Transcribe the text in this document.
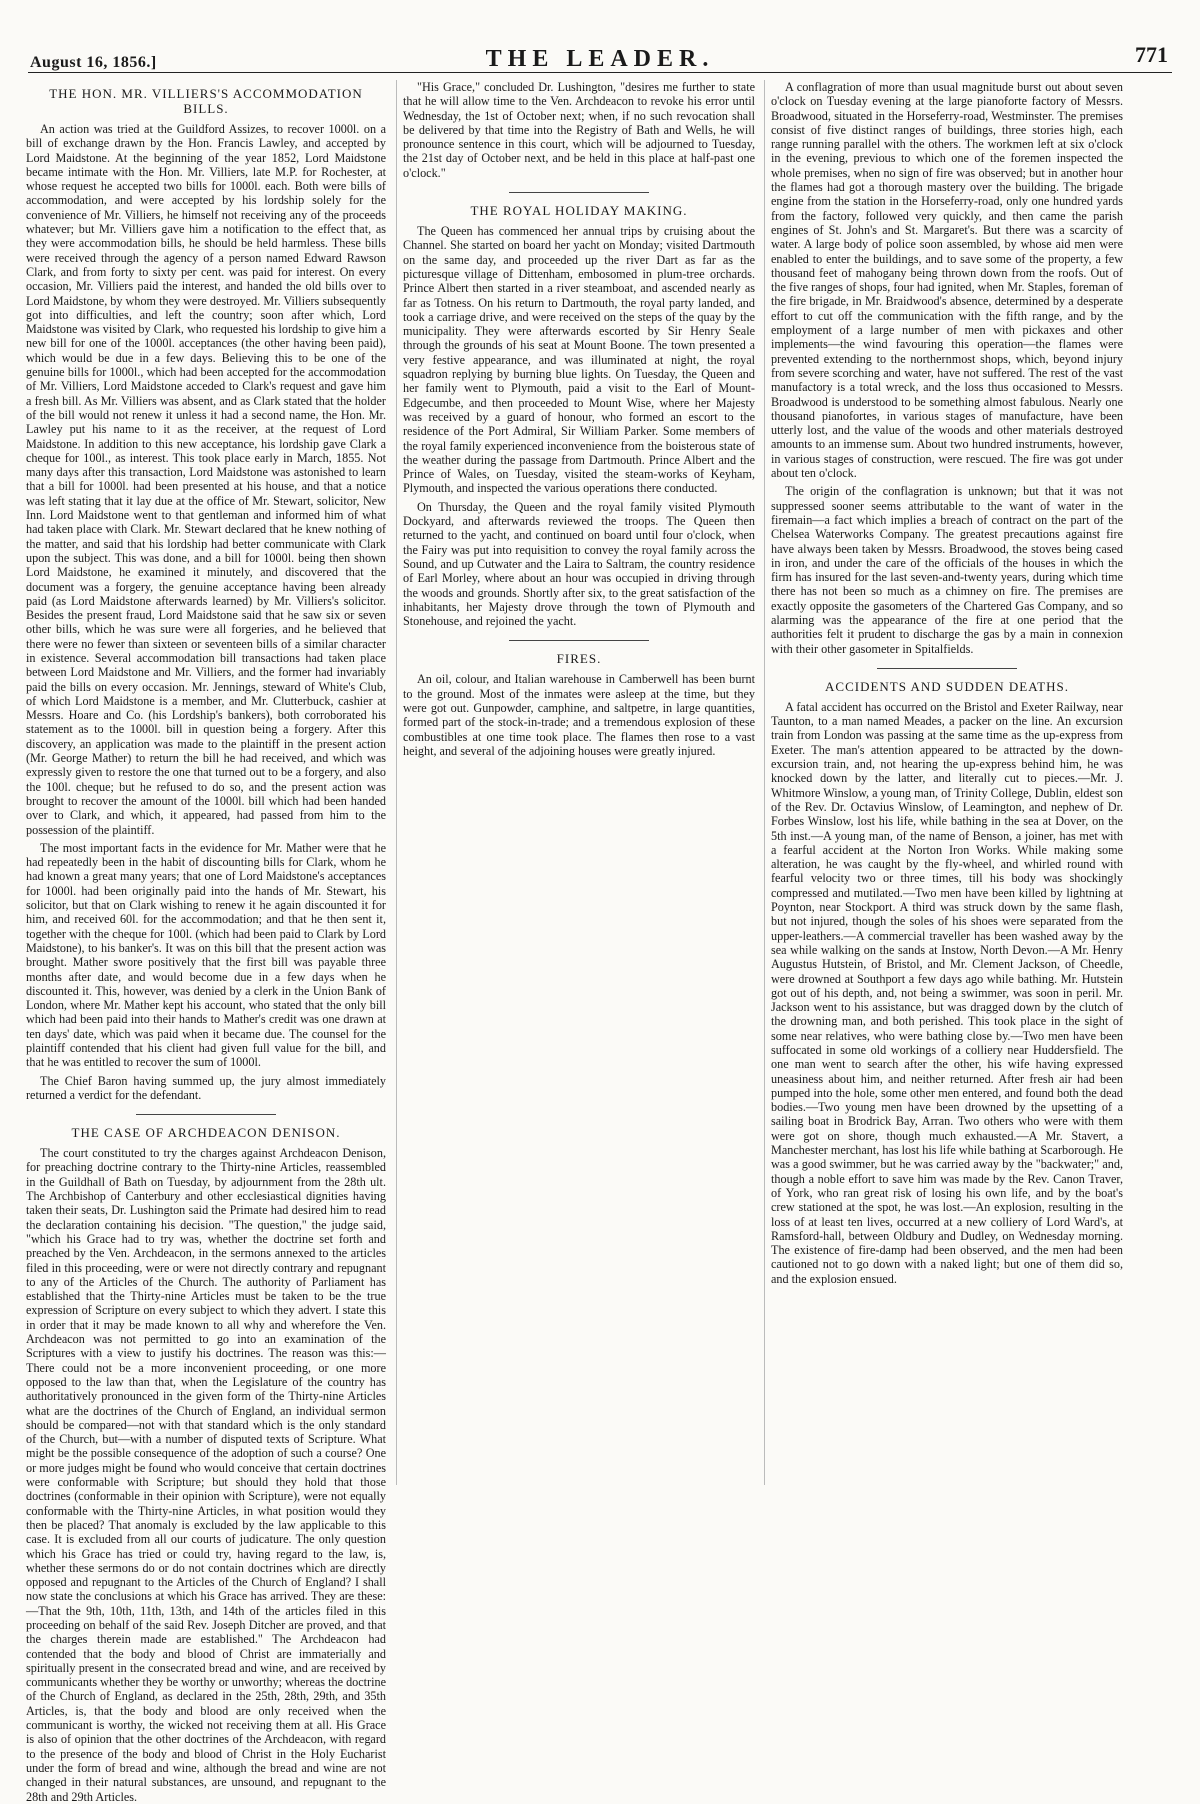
August 16, 1856.]	THE LEADER.	771
THE HON. MR. VILLIERS'S ACCOMMODATION BILLS.

An action was tried at the Guildford Assizes, to recover 1000l. on a bill of exchange drawn by the Hon. Francis Lawley, and accepted by Lord Maidstone. At the beginning of the year 1852, Lord Maidstone became intimate with the Hon. Mr. Villiers, late M.P. for Rochester, at whose request he accepted two bills for 1000l. each. Both were bills of accommodation, and were accepted by his lordship solely for the convenience of Mr. Villiers, he himself not receiving any of the proceeds whatever; but Mr. Villiers gave him a notification to the effect that, as they were accommodation bills, he should be held harmless. These bills were received through the agency of a person named Edward Rawson Clark, and from forty to sixty per cent. was paid for interest. On every occasion, Mr. Villiers paid the interest, and handed the old bills over to Lord Maidstone, by whom they were destroyed. Mr. Villiers subsequently got into difficulties, and left the country; soon after which, Lord Maidstone was visited by Clark, who requested his lordship to give him a new bill for one of the 1000l. acceptances (the other having been paid), which would be due in a few days. Believing this to be one of the genuine bills for 1000l., which had been accepted for the accommodation of Mr. Villiers, Lord Maidstone acceded to Clark's request and gave him a fresh bill. As Mr. Villiers was absent, and as Clark stated that the holder of the bill would not renew it unless it had a second name, the Hon. Mr. Lawley put his name to it as the receiver, at the request of Lord Maidstone. In addition to this new acceptance, his lordship gave Clark a cheque for 100l., as interest. This took place early in March, 1855. Not many days after this transaction, Lord Maidstone was astonished to learn that a bill for 1000l. had been presented at his house, and that a notice was left stating that it lay due at the office of Mr. Stewart, solicitor, New Inn. Lord Maidstone went to that gentleman and informed him of what had taken place with Clark. Mr. Stewart declared that he knew nothing of the matter, and said that his lordship had better communicate with Clark upon the subject. This was done, and a bill for 1000l. being then shown Lord Maidstone, he examined it minutely, and discovered that the document was a forgery, the genuine acceptance having been already paid (as Lord Maidstone afterwards learned) by Mr. Villiers's solicitor. Besides the present fraud, Lord Maidstone said that he saw six or seven other bills, which he was sure were all forgeries, and he believed that there were no fewer than sixteen or seventeen bills of a similar character in existence. Several accommodation bill transactions had taken place between Lord Maidstone and Mr. Villiers, and the former had invariably paid the bills on every occasion. Mr. Jennings, steward of White's Club, of which Lord Maidstone is a member, and Mr. Clutterbuck, cashier at Messrs. Hoare and Co. (his Lordship's bankers), both corroborated his statement as to the 1000l. bill in question being a forgery. After this discovery, an application was made to the plaintiff in the present action (Mr. George Mather) to return the bill he had received, and which was expressly given to restore the one that turned out to be a forgery, and also the 100l. cheque; but he refused to do so, and the present action was brought to recover the amount of the 1000l. bill which had been handed over to Clark, and which, it appeared, had passed from him to the possession of the plaintiff.

The most important facts in the evidence for Mr. Mather were that he had repeatedly been in the habit of discounting bills for Clark, whom he had known a great many years; that one of Lord Maidstone's acceptances for 1000l. had been originally paid into the hands of Mr. Stewart, his solicitor, but that on Clark wishing to renew it he again discounted it for him, and received 60l. for the accommodation; and that he then sent it, together with the cheque for 100l. (which had been paid to Clark by Lord Maidstone), to his banker's. It was on this bill that the present action was brought. Mather swore positively that the first bill was payable three months after date, and would become due in a few days when he discounted it. This, however, was denied by a clerk in the Union Bank of London, where Mr. Mather kept his account, who stated that the only bill which had been paid into their hands to Mather's credit was one drawn at ten days' date, which was paid when it became due. The counsel for the plaintiff contended that his client had given full value for the bill, and that he was entitled to recover the sum of 1000l.

The Chief Baron having summed up, the jury almost immediately returned a verdict for the defendant.

THE CASE OF ARCHDEACON DENISON.

The court constituted to try the charges against Archdeacon Denison, for preaching doctrine contrary to the Thirty-nine Articles, reassembled in the Guildhall of Bath on Tuesday, by adjournment from the 28th ult. The Archbishop of Canterbury and other ecclesiastical dignities having taken their seats, Dr. Lushington said the Primate had desired him to read the declaration containing his decision. "The question," the judge said, "which his Grace had to try was, whether the doctrine set forth and preached by the Ven. Archdeacon, in the sermons annexed to the articles filed in this proceeding, were or were not directly contrary and repugnant to any of the Articles of the Church. The authority of Parliament has established that the Thirty-nine Articles must be taken to be the true expression of Scripture on every subject to which they advert. I state this in order that it may be made known to all why and wherefore the Ven. Archdeacon was not permitted to go into an examination of the Scriptures with a view to justify his doctrines. The reason was this:—There could not be a more inconvenient proceeding, or one more opposed to the law than that, when the Legislature of the country has authoritatively pronounced in the given form of the Thirty-nine Articles what are the doctrines of the Church of England, an individual sermon should be compared—not with that standard which is the only standard of the Church, but—with a number of disputed texts of Scripture. What might be the possible consequence of the adoption of such a course? One or more judges might be found who would conceive that certain doctrines were conformable with Scripture; but should they hold that those doctrines (conformable in their opinion with Scripture), were not equally conformable with the Thirty-nine Articles, in what position would they then be placed? That anomaly is excluded by the law applicable to this case. It is excluded from all our courts of judicature. The only question which his Grace has tried or could try, having regard to the law, is, whether these sermons do or do not contain doctrines which are directly opposed and repugnant to the Articles of the Church of England? I shall now state the conclusions at which his Grace has arrived. They are these:—That the 9th, 10th, 11th, 13th, and 14th of the articles filed in this proceeding on behalf of the said Rev. Joseph Ditcher are proved, and that the charges therein made are established." The Archdeacon had contended that the body and blood of Christ are immaterially and spiritually present in the consecrated bread and wine, and are received by communicants whether they be worthy or unworthy; whereas the doctrine of the Church of England, as declared in the 25th, 28th, 29th, and 35th Articles, is, that the body and blood are only received when the communicant is worthy, the wicked not receiving them at all. His Grace is also of opinion that the other doctrines of the Archdeacon, with regard to the presence of the body and blood of Christ in the Holy Eucharist under the form of bread and wine, although the bread and wine are not changed in their natural substances, are unsound, and repugnant to the 28th and 29th Articles.

"His Grace," concluded Dr. Lushington, "desires me further to state that he will allow time to the Ven. Archdeacon to revoke his error until Wednesday, the 1st of October next; when, if no such revocation shall be delivered by that time into the Registry of Bath and Wells, he will pronounce sentence in this court, which will be adjourned to Tuesday, the 21st day of October next, and be held in this place at half-past one o'clock."

THE ROYAL HOLIDAY MAKING.

The Queen has commenced her annual trips by cruising about the Channel. She started on board her yacht on Monday; visited Dartmouth on the same day, and proceeded up the river Dart as far as the picturesque village of Dittenham, embosomed in plum-tree orchards. Prince Albert then started in a river steamboat, and ascended nearly as far as Totness. On his return to Dartmouth, the royal party landed, and took a carriage drive, and were received on the steps of the quay by the municipality. They were afterwards escorted by Sir Henry Seale through the grounds of his seat at Mount Boone. The town presented a very festive appearance, and was illuminated at night, the royal squadron replying by burning blue lights. On Tuesday, the Queen and her family went to Plymouth, paid a visit to the Earl of Mount-Edgecumbe, and then proceeded to Mount Wise, where her Majesty was received by a guard of honour, who formed an escort to the residence of the Port Admiral, Sir William Parker. Some members of the royal family experienced inconvenience from the boisterous state of the weather during the passage from Dartmouth. Prince Albert and the Prince of Wales, on Tuesday, visited the steam-works of Keyham, Plymouth, and inspected the various operations there conducted.

On Thursday, the Queen and the royal family visited Plymouth Dockyard, and afterwards reviewed the troops. The Queen then returned to the yacht, and continued on board until four o'clock, when the Fairy was put into requisition to convey the royal family across the Sound, and up Cutwater and the Laira to Saltram, the country residence of Earl Morley, where about an hour was occupied in driving through the woods and grounds. Shortly after six, to the great satisfaction of the inhabitants, her Majesty drove through the town of Plymouth and Stonehouse, and rejoined the yacht.

FIRES.

An oil, colour, and Italian warehouse in Camberwell has been burnt to the ground. Most of the inmates were asleep at the time, but they were got out. Gunpowder, camphine, and saltpetre, in large quantities, formed part of the stock-in-trade; and a tremendous explosion of these combustibles at one time took place. The flames then rose to a vast height, and several of the adjoining houses were greatly injured.

A conflagration of more than usual magnitude burst out about seven o'clock on Tuesday evening at the large pianoforte factory of Messrs. Broadwood, situated in the Horseferry-road, Westminster. The premises consist of five distinct ranges of buildings, three stories high, each range running parallel with the others. The workmen left at six o'clock in the evening, previous to which one of the foremen inspected the whole premises, when no sign of fire was observed; but in another hour the flames had got a thorough mastery over the building. The brigade engine from the station in the Horseferry-road, only one hundred yards from the factory, followed very quickly, and then came the parish engines of St. John's and St. Margaret's. But there was a scarcity of water. A large body of police soon assembled, by whose aid men were enabled to enter the buildings, and to save some of the property, a few thousand feet of mahogany being thrown down from the roofs. Out of the five ranges of shops, four had ignited, when Mr. Staples, foreman of the fire brigade, in Mr. Braidwood's absence, determined by a desperate effort to cut off the communication with the fifth range, and by the employment of a large number of men with pickaxes and other implements—the wind favouring this operation—the flames were prevented extending to the northernmost shops, which, beyond injury from severe scorching and water, have not suffered. The rest of the vast manufactory is a total wreck, and the loss thus occasioned to Messrs. Broadwood is understood to be something almost fabulous. Nearly one thousand pianofortes, in various stages of manufacture, have been utterly lost, and the value of the woods and other materials destroyed amounts to an immense sum. About two hundred instruments, however, in various stages of construction, were rescued. The fire was got under about ten o'clock.

The origin of the conflagration is unknown; but that it was not suppressed sooner seems attributable to the want of water in the firemain—a fact which implies a breach of contract on the part of the Chelsea Waterworks Company. The greatest precautions against fire have always been taken by Messrs. Broadwood, the stoves being cased in iron, and under the care of the officials of the houses in which the firm has insured for the last seven-and-twenty years, during which time there has not been so much as a chimney on fire. The premises are exactly opposite the gasometers of the Chartered Gas Company, and so alarming was the appearance of the fire at one period that the authorities felt it prudent to discharge the gas by a main in connexion with their other gasometer in Spitalfields.

ACCIDENTS AND SUDDEN DEATHS.

A fatal accident has occurred on the Bristol and Exeter Railway, near Taunton, to a man named Meades, a packer on the line. An excursion train from London was passing at the same time as the up-express from Exeter. The man's attention appeared to be attracted by the down-excursion train, and, not hearing the up-express behind him, he was knocked down by the latter, and literally cut to pieces.—Mr. J. Whitmore Winslow, a young man, of Trinity College, Dublin, eldest son of the Rev. Dr. Octavius Winslow, of Leamington, and nephew of Dr. Forbes Winslow, lost his life, while bathing in the sea at Dover, on the 5th inst.—A young man, of the name of Benson, a joiner, has met with a fearful accident at the Norton Iron Works. While making some alteration, he was caught by the fly-wheel, and whirled round with fearful velocity two or three times, till his body was shockingly compressed and mutilated.—Two men have been killed by lightning at Poynton, near Stockport. A third was struck down by the same flash, but not injured, though the soles of his shoes were separated from the upper-leathers.—A commercial traveller has been washed away by the sea while walking on the sands at Instow, North Devon.—A Mr. Henry Augustus Hutstein, of Bristol, and Mr. Clement Jackson, of Cheedle, were drowned at Southport a few days ago while bathing. Mr. Hutstein got out of his depth, and, not being a swimmer, was soon in peril. Mr. Jackson went to his assistance, but was dragged down by the clutch of the drowning man, and both perished. This took place in the sight of some near relatives, who were bathing close by.—Two men have been suffocated in some old workings of a colliery near Huddersfield. The one man went to search after the other, his wife having expressed uneasiness about him, and neither returned. After fresh air had been pumped into the hole, some other men entered, and found both the dead bodies.—Two young men have been drowned by the upsetting of a sailing boat in Brodrick Bay, Arran. Two others who were with them were got on shore, though much exhausted.—A Mr. Stavert, a Manchester merchant, has lost his life while bathing at Scarborough. He was a good swimmer, but he was carried away by the "backwater;" and, though a noble effort to save him was made by the Rev. Canon Traver, of York, who ran great risk of losing his own life, and by the boat's crew stationed at the spot, he was lost.—An explosion, resulting in the loss of at least ten lives, occurred at a new colliery of Lord Ward's, at Ramsford-hall, between Oldbury and Dudley, on Wednesday morning. The existence of fire-damp had been observed, and the men had been cautioned not to go down with a naked light; but one of them did so, and the explosion ensued.
